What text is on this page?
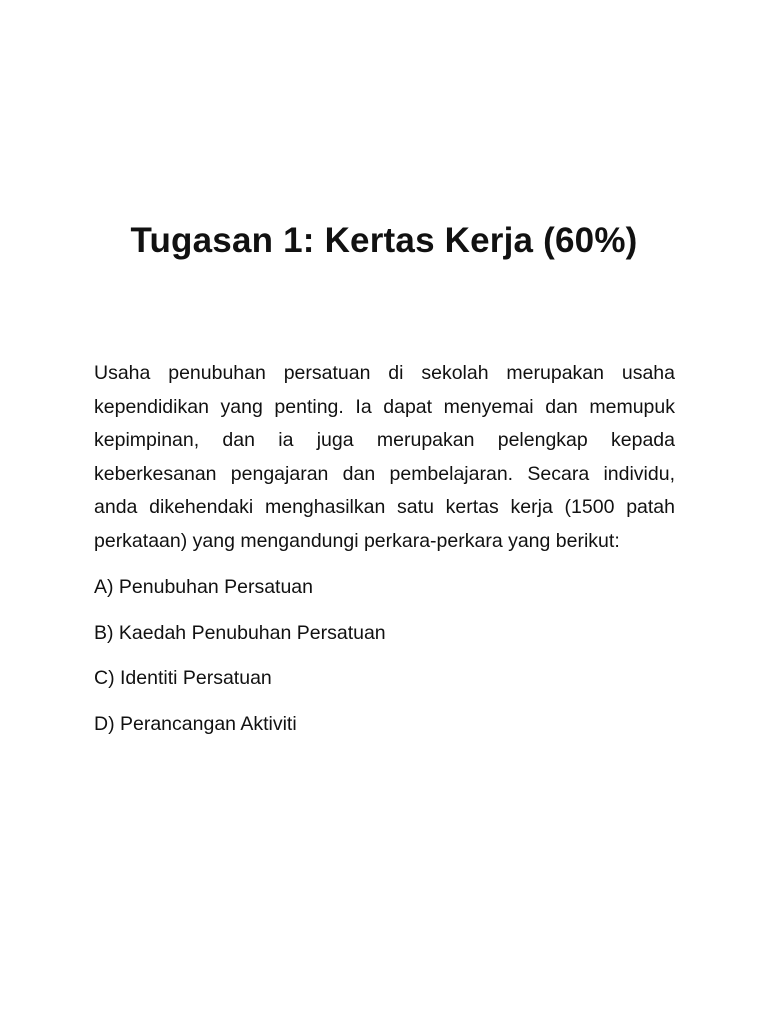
Tugasan 1: Kertas Kerja (60%)

Usaha penubuhan persatuan di sekolah merupakan usaha kependidikan yang penting. Ia dapat menyemai dan memupuk kepimpinan, dan ia juga merupakan pelengkap kepada keberkesanan pengajaran dan pembelajaran. Secara individu, anda dikehendaki menghasilkan satu kertas kerja (1500 patah perkataan) yang mengandungi perkara-perkara yang berikut:

A) Penubuhan Persatuan
B) Kaedah Penubuhan Persatuan
C) Identiti Persatuan
D) Perancangan Aktiviti
